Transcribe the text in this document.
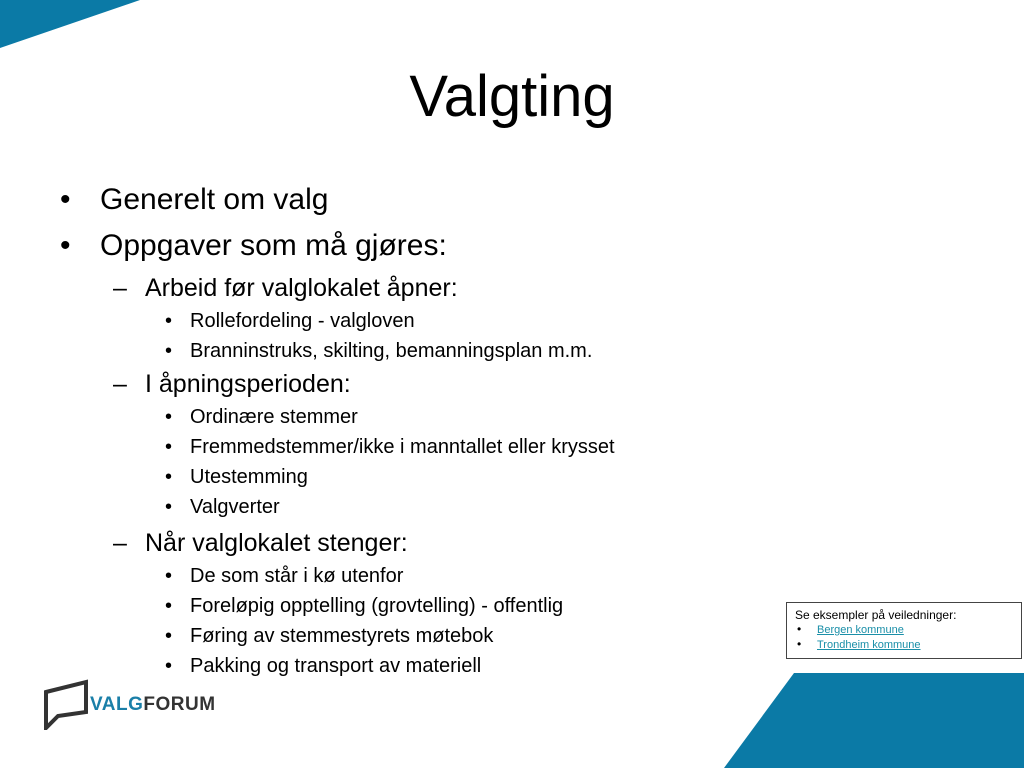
Valgting
• Generelt om valg
• Oppgaver som må gjøres:
– Arbeid før valglokalet åpner:
• Rollefordeling - valgloven
• Branninstruks, skilting, bemanningsplan m.m.
– I åpningsperioden:
• Ordinære stemmer
• Fremmedstemmer/ikke i manntallet eller krysset
• Utestemming
• Valgverter
– Når valglokalet stenger:
• De som står i kø utenfor
• Foreløpig opptelling (grovtelling) - offentlig
• Føring av stemmestyrets møtebok
• Pakking og transport av materiell
Se eksempler på veiledninger:
• Bergen kommune
• Trondheim kommune
VALGFORUM
